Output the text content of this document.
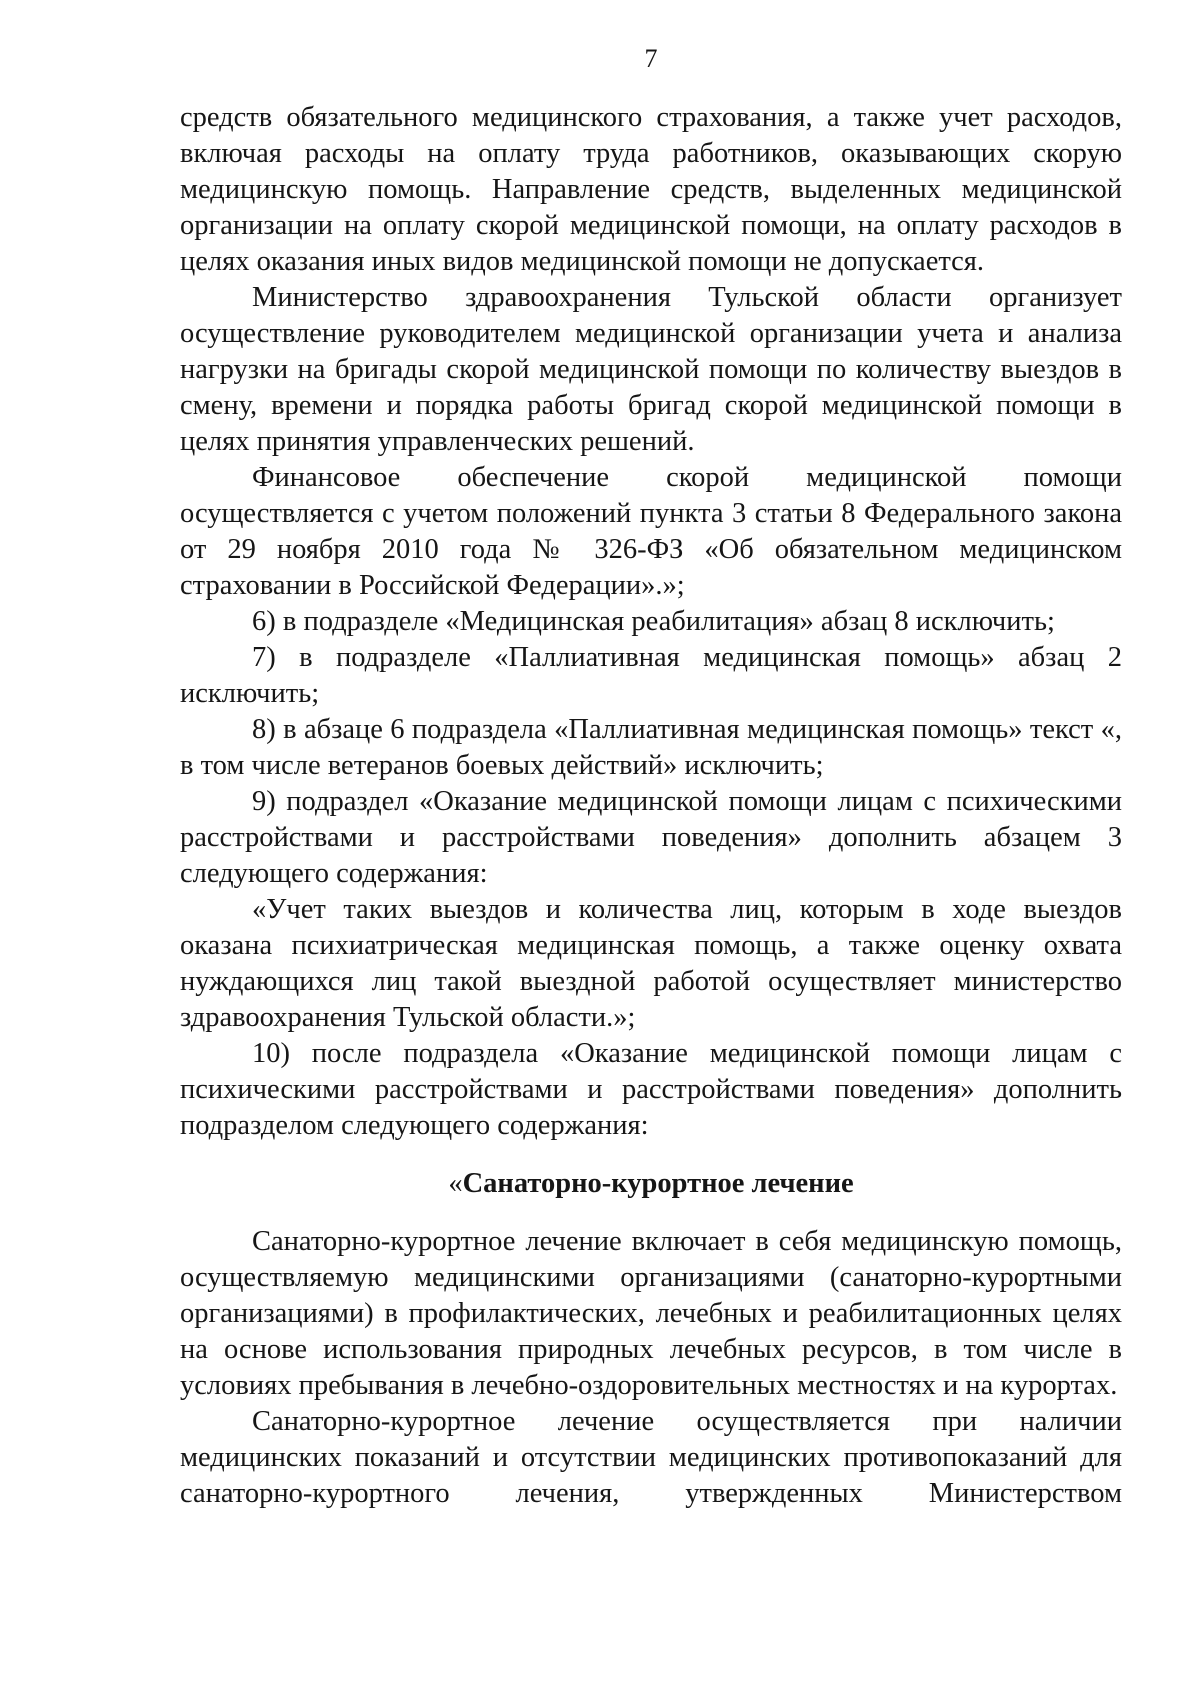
7

средств обязательного медицинского страхования, а также учет расходов, включая расходы на оплату труда работников, оказывающих скорую медицинскую помощь. Направление средств, выделенных медицинской организации на оплату скорой медицинской помощи, на оплату расходов в целях оказания иных видов медицинской помощи не допускается.

Министерство здравоохранения Тульской области организует осуществление руководителем медицинской организации учета и анализа нагрузки на бригады скорой медицинской помощи по количеству выездов в смену, времени и порядка работы бригад скорой медицинской помощи в целях принятия управленческих решений.

Финансовое обеспечение скорой медицинской помощи осуществляется с учетом положений пункта 3 статьи 8 Федерального закона от 29 ноября 2010 года № 326-ФЗ «Об обязательном медицинском страховании в Российской Федерации».»;

6) в подразделе «Медицинская реабилитация» абзац 8 исключить;

7) в подразделе «Паллиативная медицинская помощь» абзац 2 исключить;

8) в абзаце 6 подраздела «Паллиативная медицинская помощь» текст «, в том числе ветеранов боевых действий» исключить;

9) подраздел «Оказание медицинской помощи лицам с психическими расстройствами и расстройствами поведения» дополнить абзацем 3 следующего содержания:

«Учет таких выездов и количества лиц, которым в ходе выездов оказана психиатрическая медицинская помощь, а также оценку охвата нуждающихся лиц такой выездной работой осуществляет министерство здравоохранения Тульской области.»;

10) после подраздела «Оказание медицинской помощи лицам с психическими расстройствами и расстройствами поведения» дополнить подразделом следующего содержания:

«Санаторно-курортное лечение

Санаторно-курортное лечение включает в себя медицинскую помощь, осуществляемую медицинскими организациями (санаторно-курортными организациями) в профилактических, лечебных и реабилитационных целях на основе использования природных лечебных ресурсов, в том числе в условиях пребывания в лечебно-оздоровительных местностях и на курортах.

Санаторно-курортное лечение осуществляется при наличии медицинских показаний и отсутствии медицинских противопоказаний для санаторно-курортного лечения, утвержденных Министерством
